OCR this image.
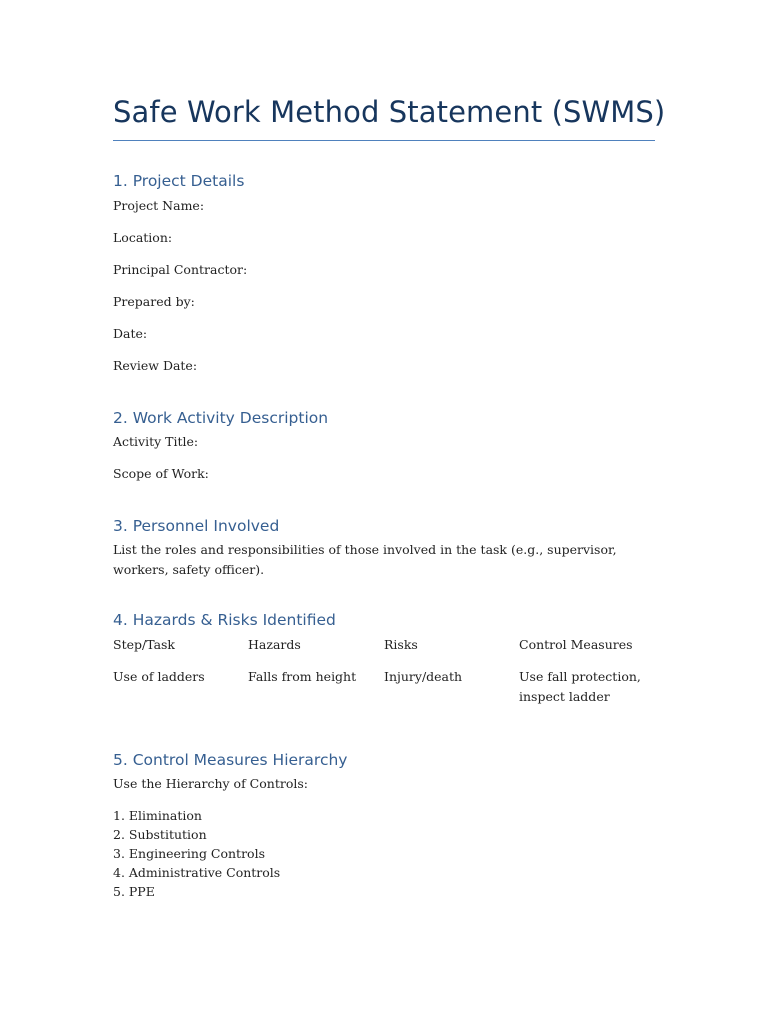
Safe Work Method Statement (SWMS)
1. Project Details
Project Name:
Location:
Principal Contractor:
Prepared by:
Date:
Review Date:
2. Work Activity Description
Activity Title:
Scope of Work:
3. Personnel Involved

List the roles and responsibilities of those involved in the task (e.g., supervisor, workers, safety officer).

4. Hazards & Risks Identified
Step/Task	Hazards	Risks	Control Measures
Use of ladders	Falls from height	Injury/death	Use fall protection, inspect ladder
5. Control Measures Hierarchy
Use the Hierarchy of Controls:
1. Elimination
2. Substitution
3. Engineering Controls
4. Administrative Controls
5. PPE
